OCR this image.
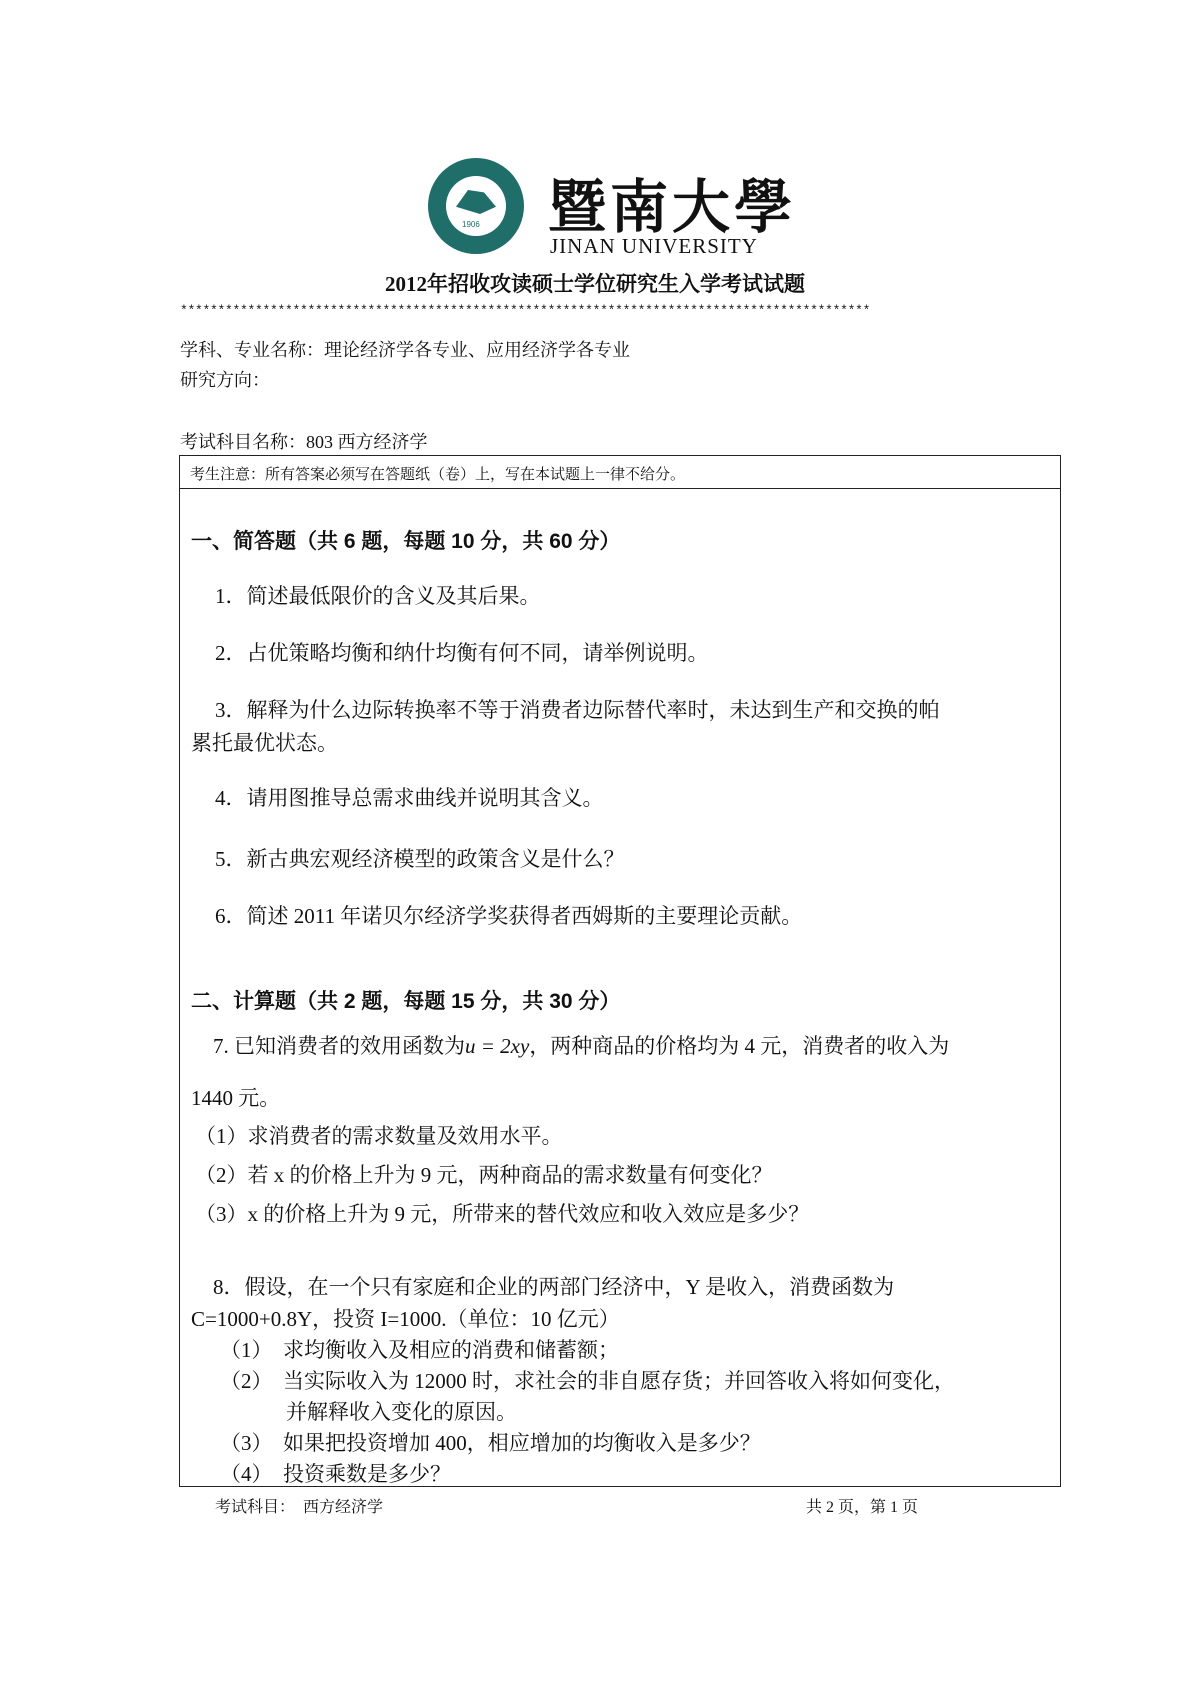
1906 暨南大學
JINAN UNIVERSITY
2012年招收攻读硕士学位研究生入学考试试题
********************************************************************************************
学科、专业名称：理论经济学各专业、应用经济学各专业
研究方向：
考试科目名称：803 西方经济学
考生注意：所有答案必须写在答题纸（卷）上，写在本试题上一律不给分。
一、简答题（共 6 题，每题 10 分，共 60 分）
1．简述最低限价的含义及其后果。
2．占优策略均衡和纳什均衡有何不同，请举例说明。
3．解释为什么边际转换率不等于消费者边际替代率时，未达到生产和交换的帕
累托最优状态。
4．请用图推导总需求曲线并说明其含义。
5．新古典宏观经济模型的政策含义是什么？
6．简述 2011 年诺贝尔经济学奖获得者西姆斯的主要理论贡献。
二、计算题（共 2 题，每题 15 分，共 30 分）
7. 已知消费者的效用函数为u = 2xy，两种商品的价格均为 4 元，消费者的收入为
1440 元。
（1）求消费者的需求数量及效用水平。
（2）若 x 的价格上升为 9 元，两种商品的需求数量有何变化？
（3）x 的价格上升为 9 元，所带来的替代效应和收入效应是多少？
8．假设，在一个只有家庭和企业的两部门经济中，Y 是收入，消费函数为
C=1000+0.8Y，投资 I=1000.（单位：10 亿元）
（1）　求均衡收入及相应的消费和储蓄额；
（2）　当实际收入为 12000 时，求社会的非自愿存货；并回答收入将如何变化，
并解释收入变化的原因。
（3）　如果把投资增加 400，相应增加的均衡收入是多少？
（4）　投资乘数是多少？
考试科目：　西方经济学	共 2 页，第 1 页
